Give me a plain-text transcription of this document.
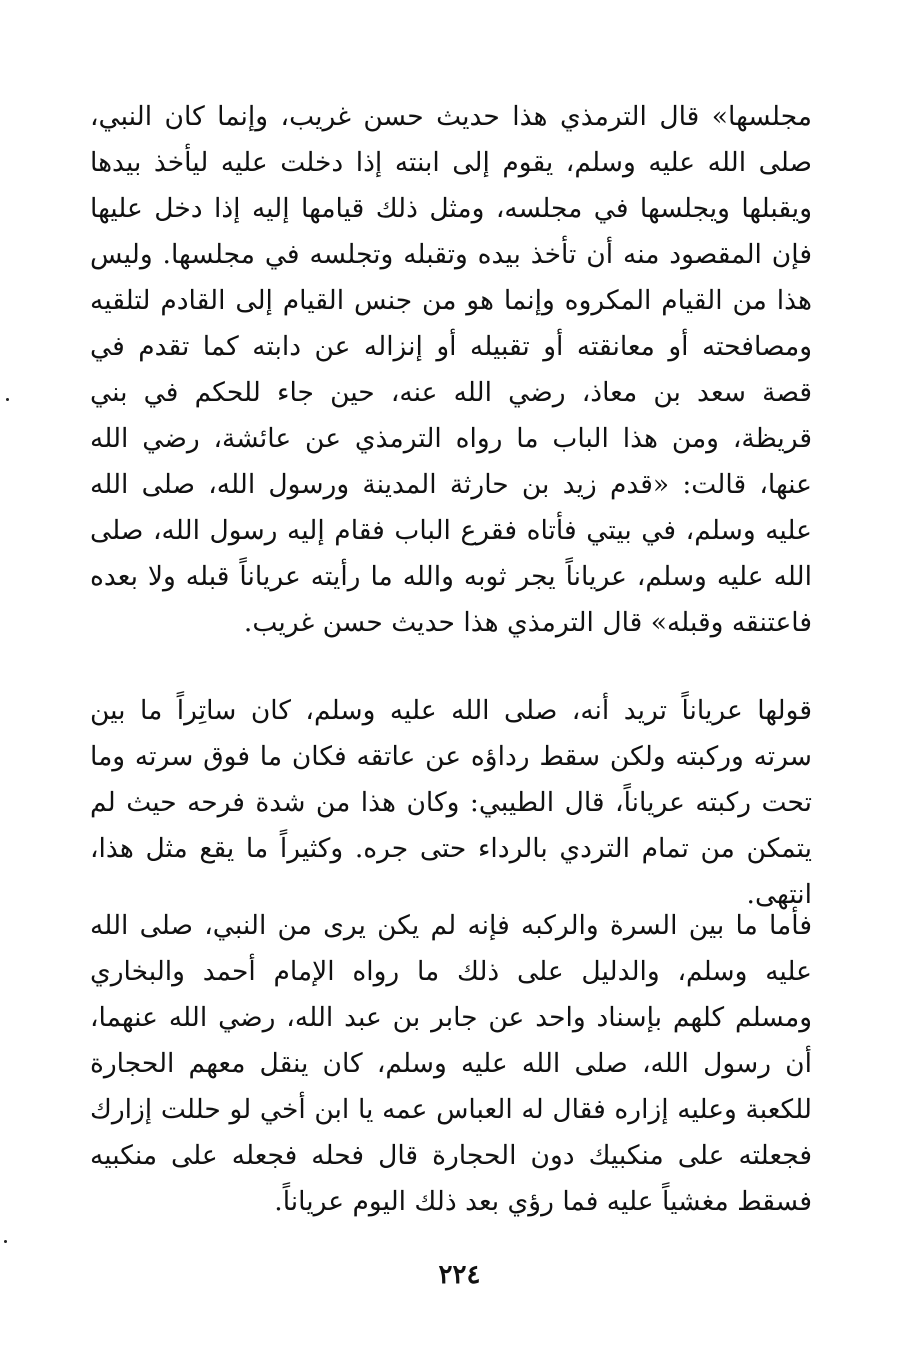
مجلسها» قال الترمذي هذا حديث حسن غريب، وإنما كان النبي، صلى الله عليه وسلم، يقوم إلى ابنته إذا دخلت عليه ليأخذ بيدها ويقبلها ويجلسها في مجلسه، ومثل ذلك قيامها إليه إذا دخل عليها فإن المقصود منه أن تأخذ بيده وتقبله وتجلسه في مجلسها. وليس هذا من القيام المكروه وإنما هو من جنس القيام إلى القادم لتلقيه ومصافحته أو معانقته أو تقبيله أو إنزاله عن دابته كما تقدم في قصة سعد بن معاذ، رضي الله عنه، حين جاء للحكم في بني قريظة، ومن هذا الباب ما رواه الترمذي عن عائشة، رضي الله عنها، قالت: «قدم زيد بن حارثة المدينة ورسول الله، صلى الله عليه وسلم، في بيتي فأتاه فقرع الباب فقام إليه رسول الله، صلى الله عليه وسلم، عرياناً يجر ثوبه والله ما رأيته عرياناً قبله ولا بعده فاعتنقه وقبله» قال الترمذي هذا حديث حسن غريب.

قولها عرياناً تريد أنه، صلى الله عليه وسلم، كان ساتِراً ما بين سرته وركبته ولكن سقط رداؤه عن عاتقه فكان ما فوق سرته وما تحت ركبته عرياناً، قال الطيبي: وكان هذا من شدة فرحه حيث لم يتمكن من تمام التردي بالرداء حتى جره. وكثيراً ما يقع مثل هذا، انتهى.

فأما ما بين السرة والركبه فإنه لم يكن يرى من النبي، صلى الله عليه وسلم، والدليل على ذلك ما رواه الإمام أحمد والبخاري ومسلم كلهم بإسناد واحد عن جابر بن عبد الله، رضي الله عنهما، أن رسول الله، صلى الله عليه وسلم، كان ينقل معهم الحجارة للكعبة وعليه إزاره فقال له العباس عمه يا ابن أخي لو حللت إزارك فجعلته على منكبيك دون الحجارة قال فحله فجعله على منكبيه فسقط مغشياً عليه فما رؤي بعد ذلك اليوم عرياناً.

٢٢٤
